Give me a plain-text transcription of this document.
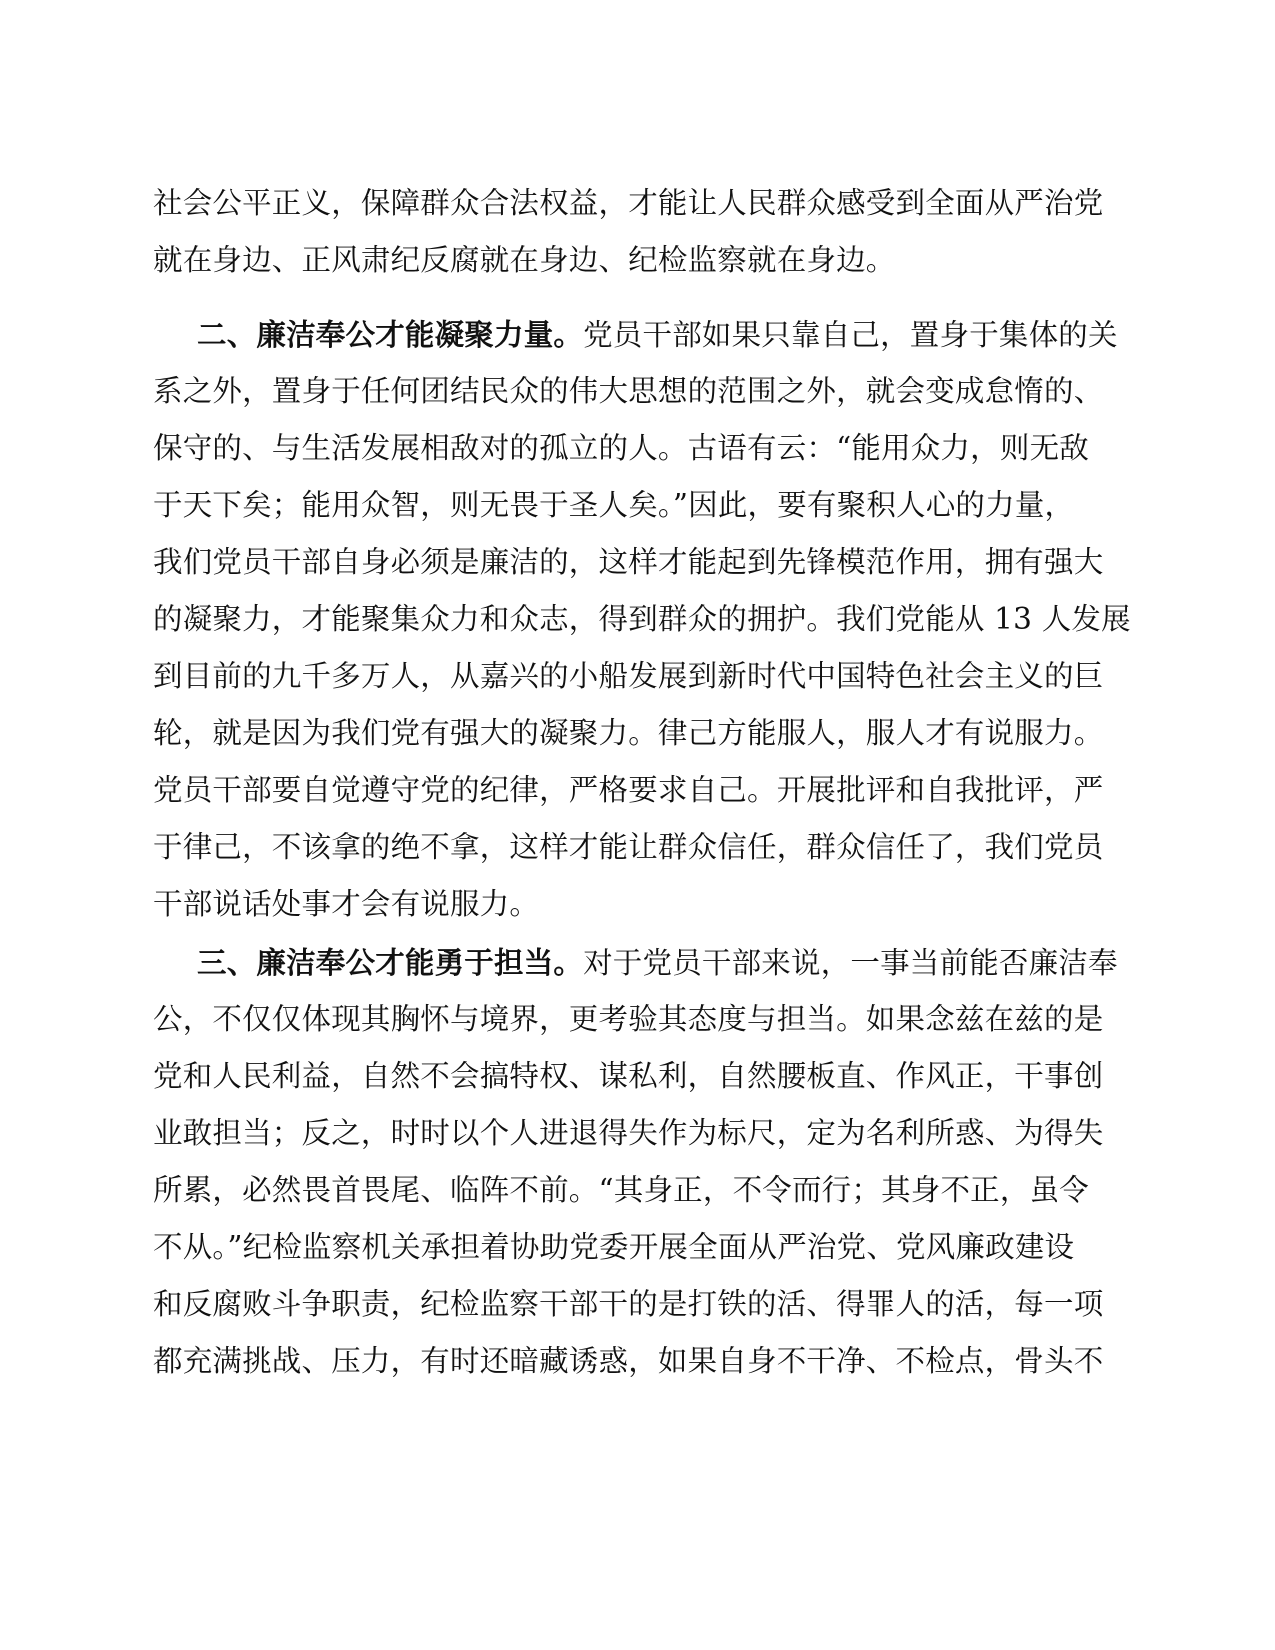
社会公平正义，保障群众合法权益，才能让人民群众感受到全面从严治党
就在身边、正风肃纪反腐就在身边、纪检监察就在身边。
二、廉洁奉公才能凝聚力量。党员干部如果只靠自己，置身于集体的关
系之外，置身于任何团结民众的伟大思想的范围之外，就会变成怠惰的、
保守的、与生活发展相敌对的孤立的人。古语有云：“能用众力，则无敌
于天下矣；能用众智，则无畏于圣人矣。”因此，要有聚积人心的力量，
我们党员干部自身必须是廉洁的，这样才能起到先锋模范作用，拥有强大
的凝聚力，才能聚集众力和众志，得到群众的拥护。我们党能从 13 人发展
到目前的九千多万人，从嘉兴的小船发展到新时代中国特色社会主义的巨
轮，就是因为我们党有强大的凝聚力。律己方能服人，服人才有说服力。
党员干部要自觉遵守党的纪律，严格要求自己。开展批评和自我批评，严
于律己，不该拿的绝不拿，这样才能让群众信任，群众信任了，我们党员
干部说话处事才会有说服力。
三、廉洁奉公才能勇于担当。对于党员干部来说，一事当前能否廉洁奉
公，不仅仅体现其胸怀与境界，更考验其态度与担当。如果念兹在兹的是
党和人民利益，自然不会搞特权、谋私利，自然腰板直、作风正，干事创
业敢担当；反之，时时以个人进退得失作为标尺，定为名利所惑、为得失
所累，必然畏首畏尾、临阵不前。“其身正，不令而行；其身不正，虽令
不从。”纪检监察机关承担着协助党委开展全面从严治党、党风廉政建设
和反腐败斗争职责，纪检监察干部干的是打铁的活、得罪人的活，每一项
都充满挑战、压力，有时还暗藏诱惑，如果自身不干净、不检点，骨头不
